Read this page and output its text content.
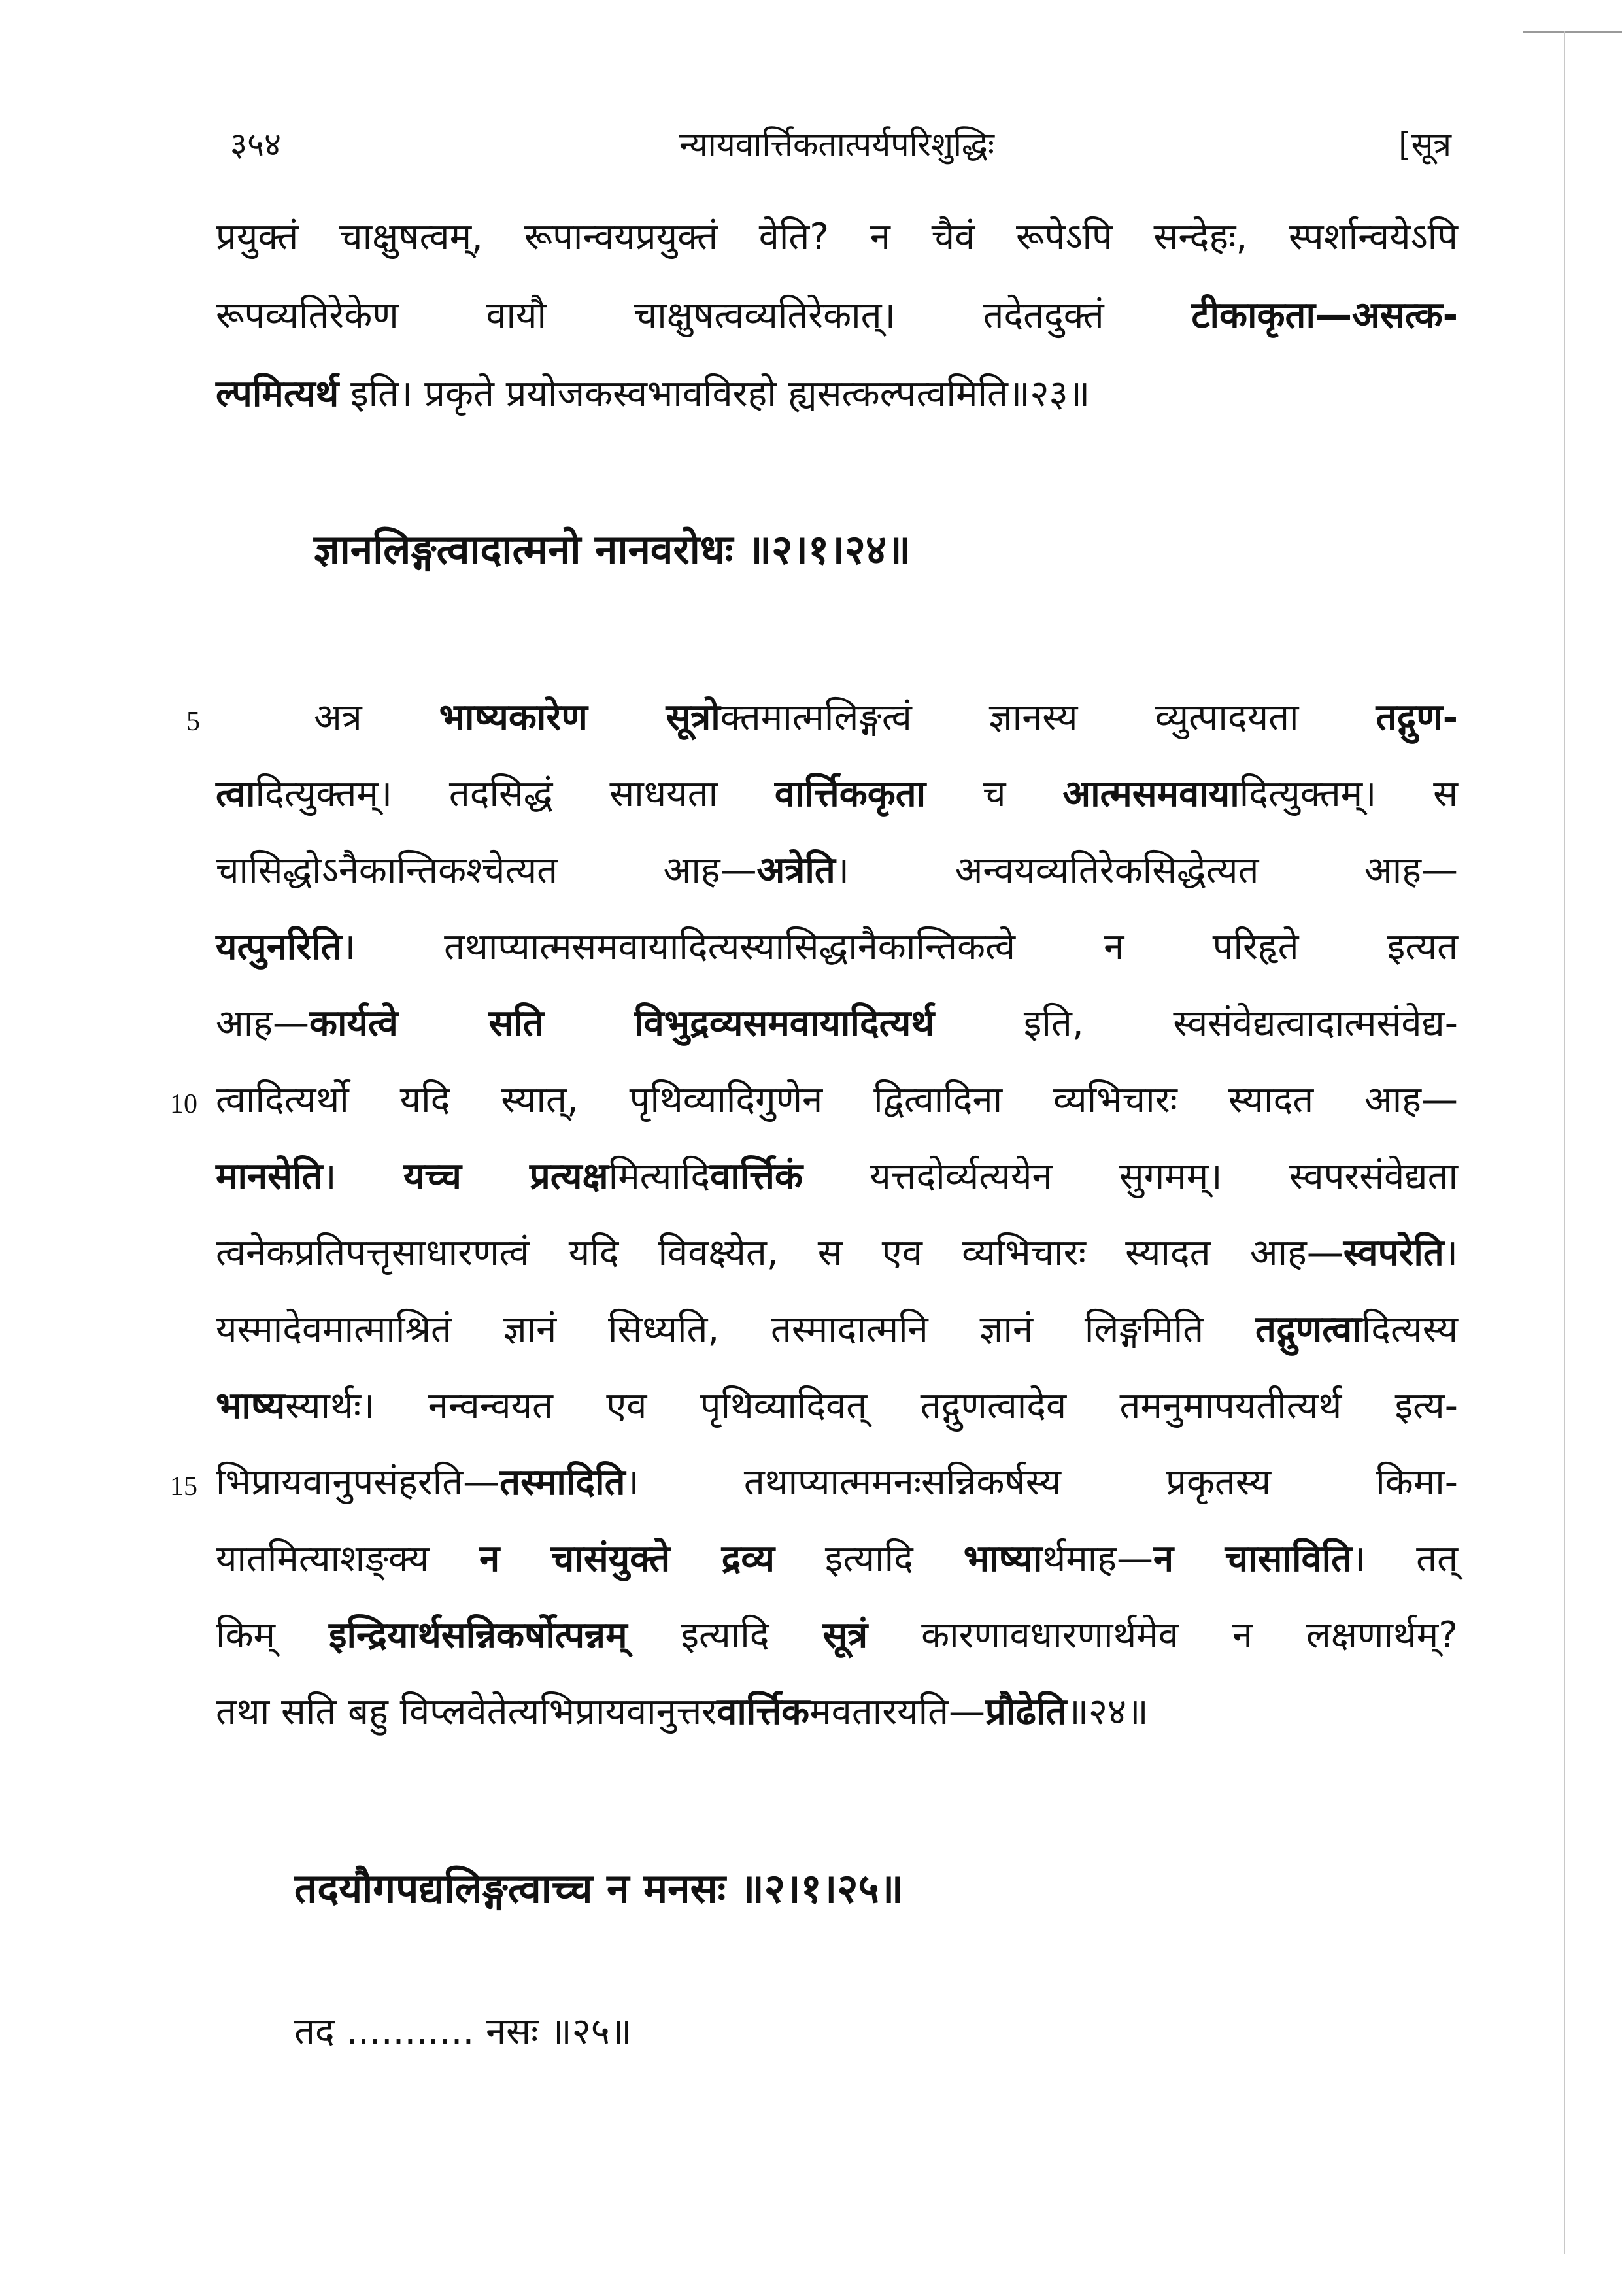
३५४	न्यायवार्त्तिकतात्पर्यपरिशुद्धिः	[सूत्र
प्रयुक्तं चाक्षुषत्वम्, रूपान्वयप्रयुक्तं वेति? न चैवं रूपेऽपि सन्देहः, स्पर्शान्वयेऽपि
रूपव्यतिरेकेण वायौ चाक्षुषत्वव्यतिरेकात्। तदेतदुक्तं टीकाकृता—असत्क-
ल्पमित्यर्थ इति। प्रकृते प्रयोजकस्वभावविरहो ह्यसत्कल्पत्वमिति॥२३॥
ज्ञानलिङ्गत्वादात्मनो नानवरोधः ॥२।१।२४॥
5	अत्र भाष्यकारेण सूत्रोक्तमात्मलिङ्गत्वं ज्ञानस्य व्युत्पादयता तद्गुण-
त्वादित्युक्तम्। तदसिद्धं साधयता वार्त्तिककृता च आत्मसमवायादित्युक्तम्। स
चासिद्धोऽनैकान्तिकश्चेत्यत आह—अत्रेति। अन्वयव्यतिरेकसिद्धेत्यत आह—
यत्पुनरिति। तथाप्यात्मसमवायादित्यस्यासिद्धानैकान्तिकत्वे न परिहृते इत्यत
आह—कार्यत्वे सति विभुद्रव्यसमवायादित्यर्थ इति, स्वसंवेद्यत्वादात्मसंवेद्य-
10 त्वादित्यर्थो यदि स्यात्, पृथिव्यादिगुणेन द्वित्वादिना व्यभिचारः स्यादत आह—
मानसेति। यच्च प्रत्यक्षमित्यादिवार्त्तिकं यत्तदोर्व्यत्ययेन सुगमम्। स्वपरसंवेद्यता
त्वनेकप्रतिपत्तृसाधारणत्वं यदि विवक्ष्येत, स एव व्यभिचारः स्यादत आह—स्वपरेति।
यस्मादेवमात्माश्रितं ज्ञानं सिध्यति, तस्मादात्मनि ज्ञानं लिङ्गमिति तद्गुणत्वादित्यस्य
भाष्यस्यार्थः। नन्वन्वयत एव पृथिव्यादिवत् तद्गुणत्वादेव तमनुमापयतीत्यर्थ इत्य-
15 भिप्रायवानुपसंहरति—तस्मादिति। तथाप्यात्ममनःसन्निकर्षस्य प्रकृतस्य किमा-
यातमित्याशङ्क्य न चासंयुक्ते द्रव्य इत्यादि भाष्यार्थमाह—न चासाविति। तत्
किम् इन्द्रियार्थसन्निकर्षोत्पन्नम् इत्यादि सूत्रं कारणावधारणार्थमेव न लक्षणार्थम्?
तथा सति बहु विप्लवेतेत्यभिप्रायवानुत्तरवार्त्तिकमवतारयति—प्रौढेति॥२४॥
तदयौगपद्यलिङ्गत्वाच्च न मनसः ॥२।१।२५॥
तद ........... नसः ॥२५॥
